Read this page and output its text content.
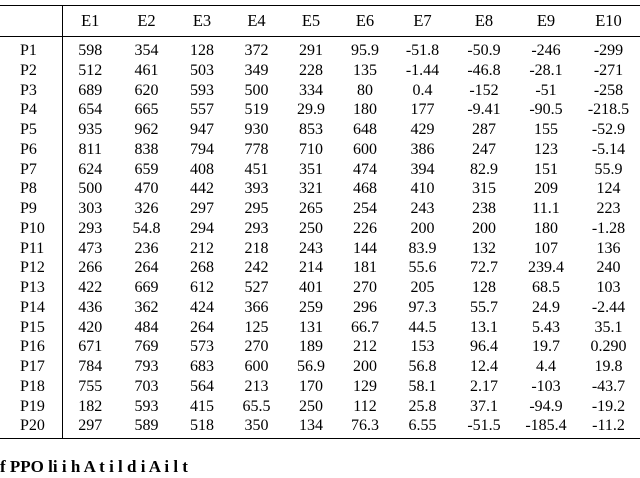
	E1	E2	E3	E4	E5	E6	E7	E8	E9	E10
P1	598	354	128	372	291	95.9	-51.8	-50.9	-246	-299
P2	512	461	503	349	228	135	-1.44	-46.8	-28.1	-271
P3	689	620	593	500	334	80	0.4	-152	-51	-258
P4	654	665	557	519	29.9	180	177	-9.41	-90.5	-218.5
P5	935	962	947	930	853	648	429	287	155	-52.9
P6	811	838	794	778	710	600	386	247	123	-5.14
P7	624	659	408	451	351	474	394	82.9	151	55.9
P8	500	470	442	393	321	468	410	315	209	124
P9	303	326	297	295	265	254	243	238	11.1	223
P10	293	54.8	294	293	250	226	200	200	180	-1.28
P11	473	236	212	218	243	144	83.9	132	107	136
P12	266	264	268	242	214	181	55.6	72.7	239.4	240
P13	422	669	612	527	401	270	205	128	68.5	103
P14	436	362	424	366	259	296	97.3	55.7	24.9	-2.44
P15	420	484	264	125	131	66.7	44.5	13.1	5.43	35.1
P16	671	769	573	270	189	212	153	96.4	19.7	0.290
P17	784	793	683	600	56.9	200	56.8	12.4	4.4	19.8
P18	755	703	564	213	170	129	58.1	2.17	-103	-43.7
P19	182	593	415	65.5	250	112	25.8	37.1	-94.9	-19.2
P20	297	589	518	350	134	76.3	6.55	-51.5	-185.4	-11.2
f PPO li i h A t i l d i A i l t
